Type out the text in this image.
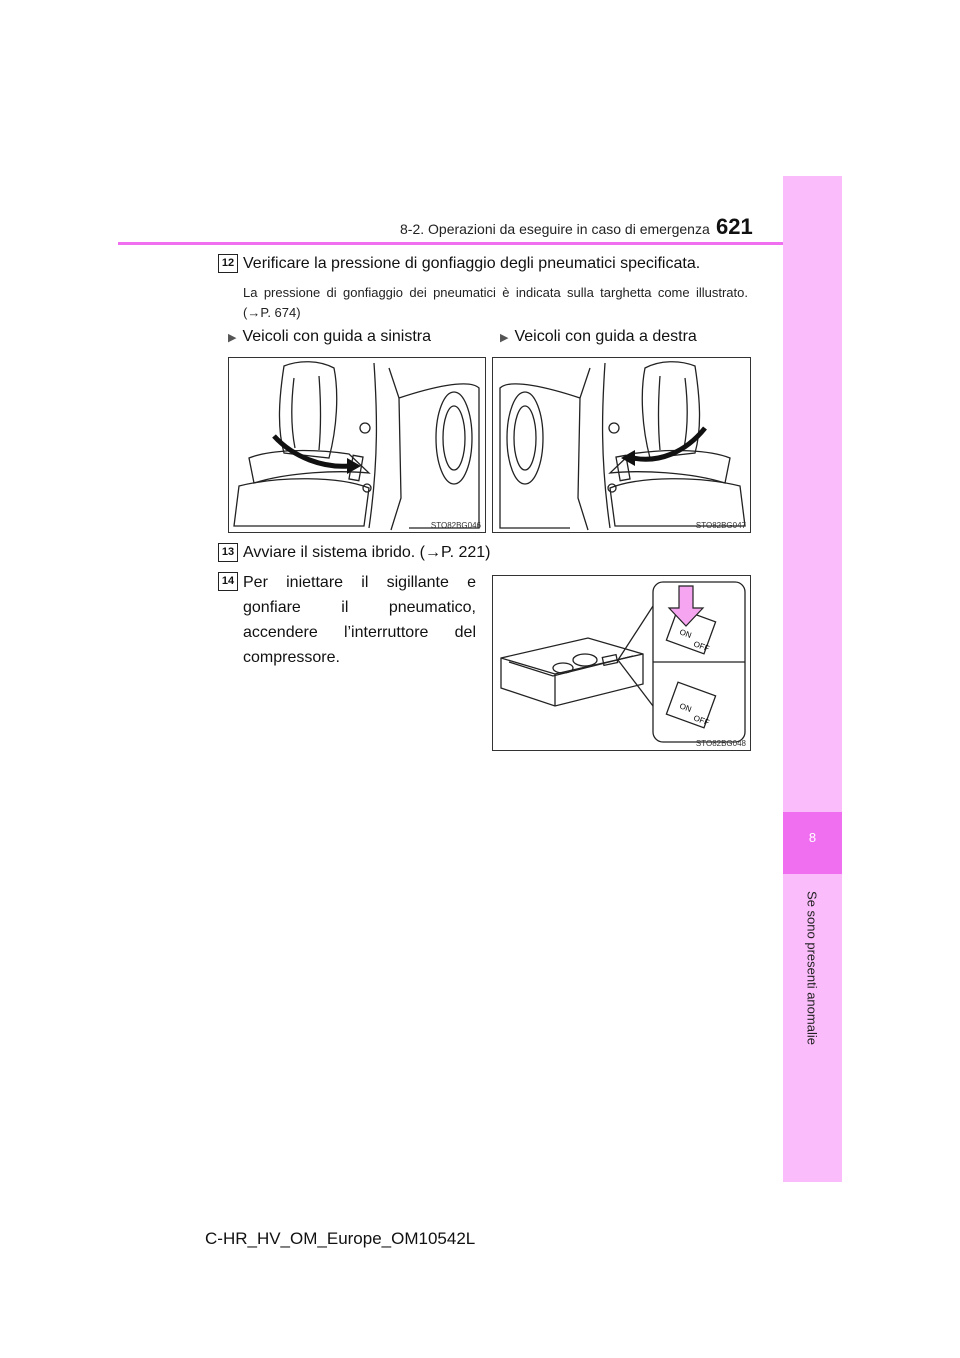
8-2. Operazioni da eseguire in caso di emergenza 621
8
Se sono presenti anomalie
12 Verificare la pressione di gonfiaggio degli pneumatici specificata.
La pressione di gonfiaggio dei pneumatici è indicata sulla targhetta come illustrato. (→P. 674)
▶ Veicoli con guida a sinistra	▶ Veicoli con guida a destra
STO82BG046	STO82BG047
13 Avviare il sistema ibrido. (→P. 221)
14 Per iniettare il sigillante e gonfiare il pneumatico, accendere l’interruttore del compressore.
ON
OFF
ON
OFF
STO82BG048
C-HR_HV_OM_Europe_OM10542L
